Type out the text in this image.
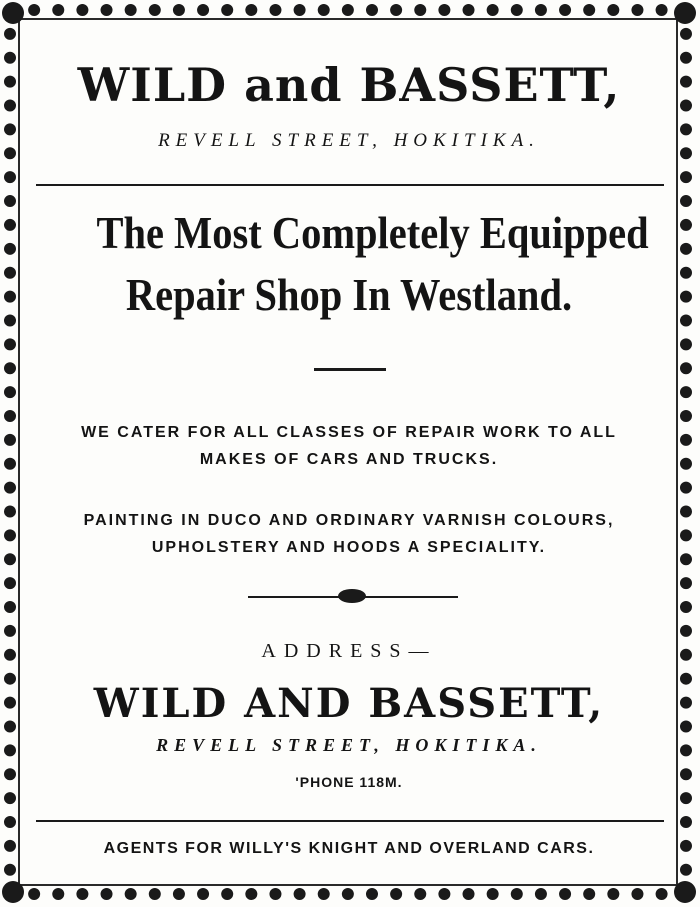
WILD and BASSETT,
REVELL STREET, HOKITIKA.
The Most Completely Equipped
Repair Shop In Westland.
WE CATER FOR ALL CLASSES OF REPAIR WORK TO ALL
MAKES OF CARS AND TRUCKS.
PAINTING IN DUCO AND ORDINARY VARNISH COLOURS,
UPHOLSTERY AND HOODS A SPECIALITY.
ADDRESS—
WILD AND BASSETT,
REVELL STREET, HOKITIKA.
'PHONE 118M.
AGENTS FOR WILLY'S KNIGHT AND OVERLAND CARS.
